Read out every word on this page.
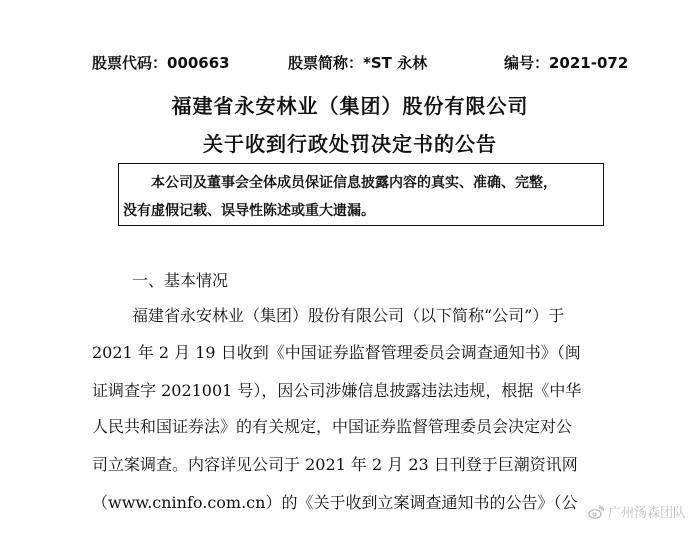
股票代码：000663	股票简称：*ST 永林	编号：2021-072
福建省永安林业（集团）股份有限公司
关于收到行政处罚决定书的公告
本公司及董事会全体成员保证信息披露内容的真实、准确、完整，
没有虚假记载、误导性陈述或重大遗漏。
一、基本情况
福建省永安林业（集团）股份有限公司（以下简称“公司”）于
2021 年 2 月 19 日收到《中国证券监督管理委员会调查通知书》（闽
证调查字 2021001 号），因公司涉嫌信息披露违法违规，根据《中华
人民共和国证券法》的有关规定，中国证券监督管理委员会决定对公
司立案调查。内容详见公司于 2021 年 2 月 23 日刊登于巨潮资讯网
（www.cninfo.com.cn）的《关于收到立案调查通知书的公告》（公
广州汤森团队
